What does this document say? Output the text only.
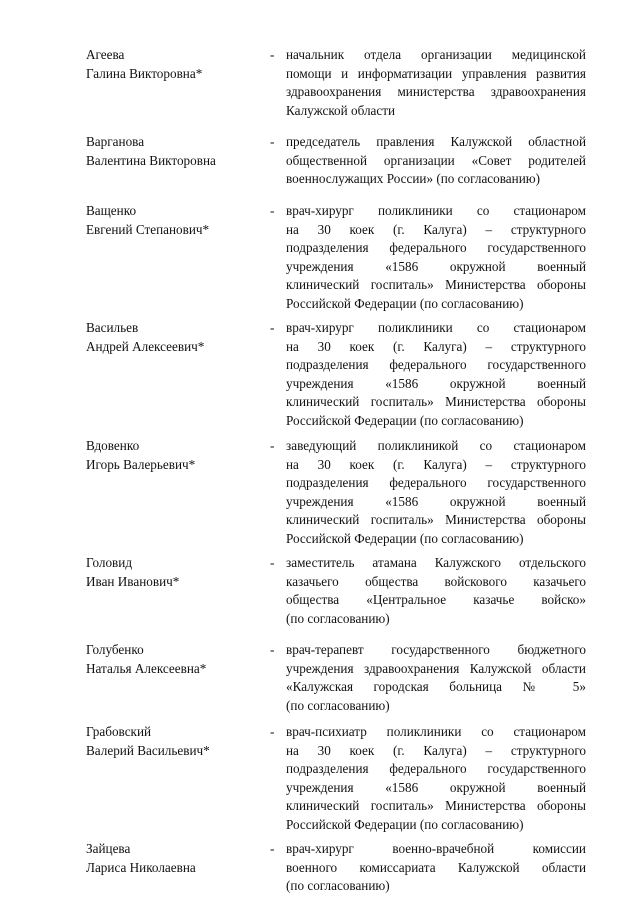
Агеева
Галина Викторовна*
- начальник отдела организации медицинской
помощи и информатизации управления развития
здравоохранения министерства здравоохранения
Калужской области
Варганова
Валентина Викторовна
- председатель правления Калужской областной
общественной организации «Совет родителей
военнослужащих России» (по согласованию)
Ващенко
Евгений Степанович*
- врач-хирург поликлиники со стационаром
на 30 коек (г. Калуга) – структурного
подразделения федерального государственного
учреждения «1586 окружной военный
клинический госпиталь» Министерства обороны
Российской Федерации (по согласованию)
Васильев
Андрей Алексеевич*
- врач-хирург поликлиники со стационаром
на 30 коек (г. Калуга) – структурного
подразделения федерального государственного
учреждения «1586 окружной военный
клинический госпиталь» Министерства обороны
Российской Федерации (по согласованию)
Вдовенко
Игорь Валерьевич*
- заведующий поликлиникой со стационаром
на 30 коек (г. Калуга) – структурного
подразделения федерального государственного
учреждения «1586 окружной военный
клинический госпиталь» Министерства обороны
Российской Федерации (по согласованию)
Головид
Иван Иванович*
- заместитель атамана Калужского отдельского
казачьего общества войскового казачьего
общества «Центральное казачье войско»
(по согласованию)
Голубенко
Наталья Алексеевна*
- врач-терапевт государственного бюджетного
учреждения здравоохранения Калужской области
«Калужская городская больница № 5»
(по согласованию)
Грабовский
Валерий Васильевич*
- врач-психиатр поликлиники со стационаром
на 30 коек (г. Калуга) – структурного
подразделения федерального государственного
учреждения «1586 окружной военный
клинический госпиталь» Министерства обороны
Российской Федерации (по согласованию)
Зайцева
Лариса Николаевна
- врач-хирург военно-врачебной комиссии
военного комиссариата Калужской области
(по согласованию)
